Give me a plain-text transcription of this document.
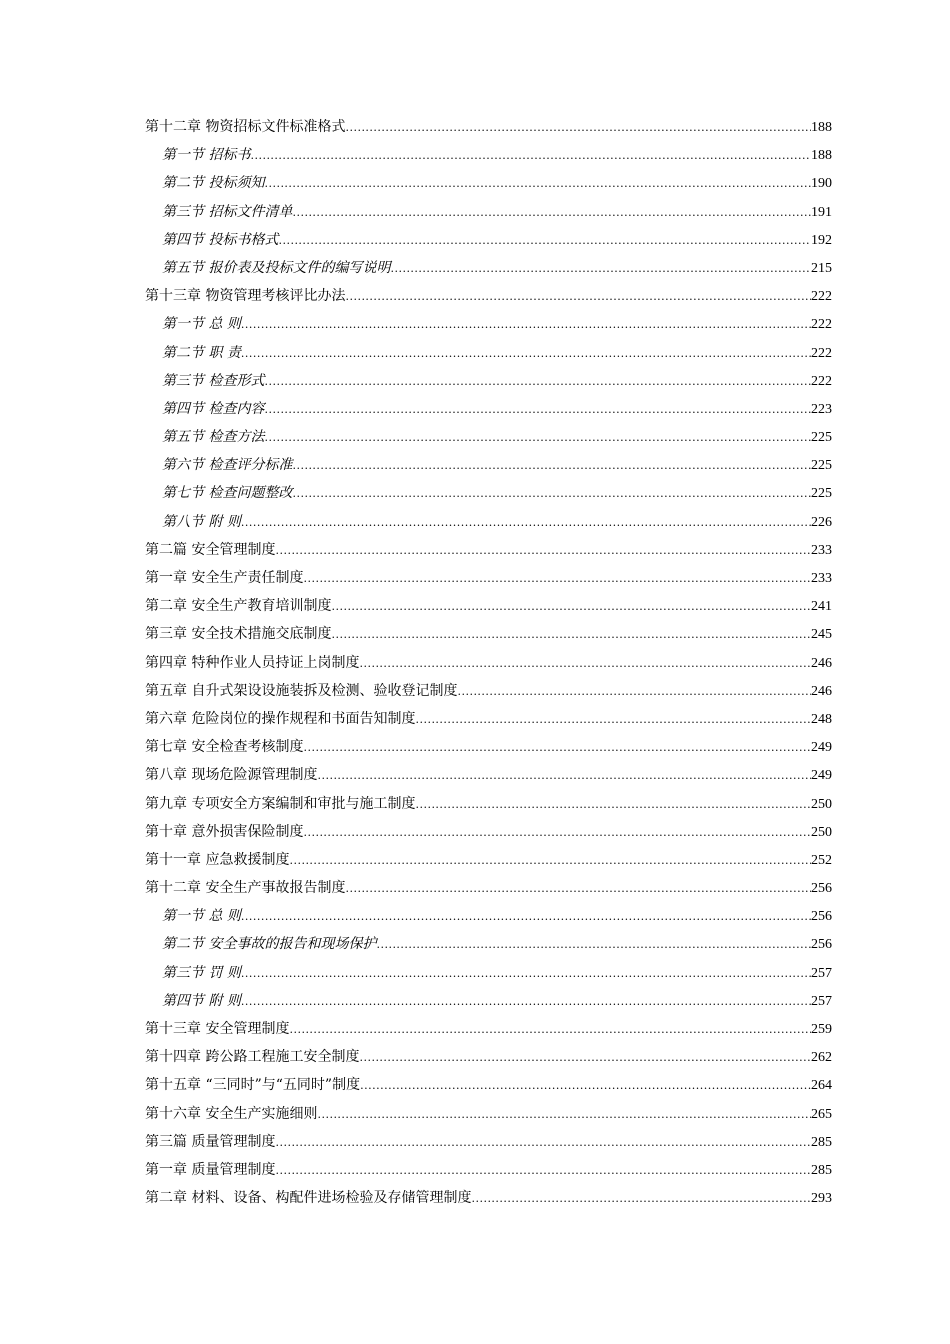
第十二章 物资招标文件标准格式 .....	188
第一节 招标书 .....	188
第二节 投标须知 .....	190
第三节 招标文件清单 .....	191
第四节 投标书格式 .....	192
第五节 报价表及投标文件的编写说明 .....	215
第十三章 物资管理考核评比办法 .....	222
第一节 总 则 .....	222
第二节 职 责 .....	222
第三节 检查形式 .....	222
第四节 检查内容 .....	223
第五节 检查方法 .....	225
第六节 检查评分标准 .....	225
第七节 检查问题整改 .....	225
第八节 附 则 .....	226
第二篇 安全管理制度 .....	233
第一章 安全生产责任制度 .....	233
第二章 安全生产教育培训制度 .....	241
第三章 安全技术措施交底制度 .....	245
第四章 特种作业人员持证上岗制度 .....	246
第五章 自升式架设设施装拆及检测、验收登记制度 .....	246
第六章 危险岗位的操作规程和书面告知制度 .....	248
第七章 安全检查考核制度 .....	249
第八章 现场危险源管理制度 .....	249
第九章 专项安全方案编制和审批与施工制度 .....	250
第十章 意外损害保险制度 .....	250
第十一章 应急救援制度 .....	252
第十二章 安全生产事故报告制度 .....	256
第一节 总 则 .....	256
第二节 安全事故的报告和现场保护 .....	256
第三节 罚 则 .....	257
第四节 附 则 .....	257
第十三章 安全管理制度 .....	259
第十四章 跨公路工程施工安全制度 .....	262
第十五章 “三同时”与“五同时”制度 .....	264
第十六章 安全生产实施细则 .....	265
第三篇 质量管理制度 .....	285
第一章 质量管理制度 .....	285
第二章 材料、设备、构配件进场检验及存储管理制度 .....	293
